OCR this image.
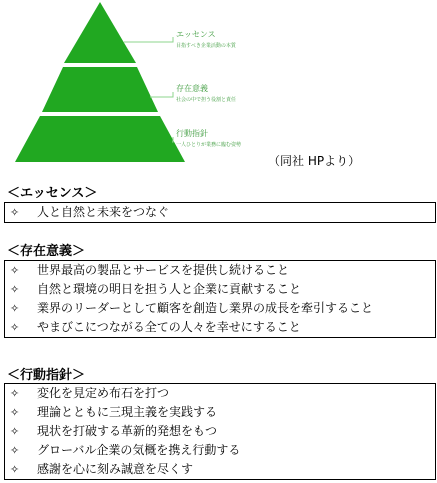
エッセンス
目指すべき企業活動の本質
存在意義
社会の中で担う役割と責任
行動指針
一人ひとりが業務に臨む姿勢
（同社 HPより）
＜エッセンス＞
✧ 人と自然と未来をつなぐ
＜存在意義＞
✧ 世界最高の製品とサービスを提供し続けること
✧ 自然と環境の明日を担う人と企業に貢献すること
✧ 業界のリーダーとして顧客を創造し業界の成長を牽引すること
✧ やまびこにつながる全ての人々を幸せにすること
＜行動指針＞
✧ 変化を見定め布石を打つ
✧ 理論とともに三現主義を実践する
✧ 現状を打破する革新的発想をもつ
✧ グローバル企業の気概を携え行動する
✧ 感謝を心に刻み誠意を尽くす
